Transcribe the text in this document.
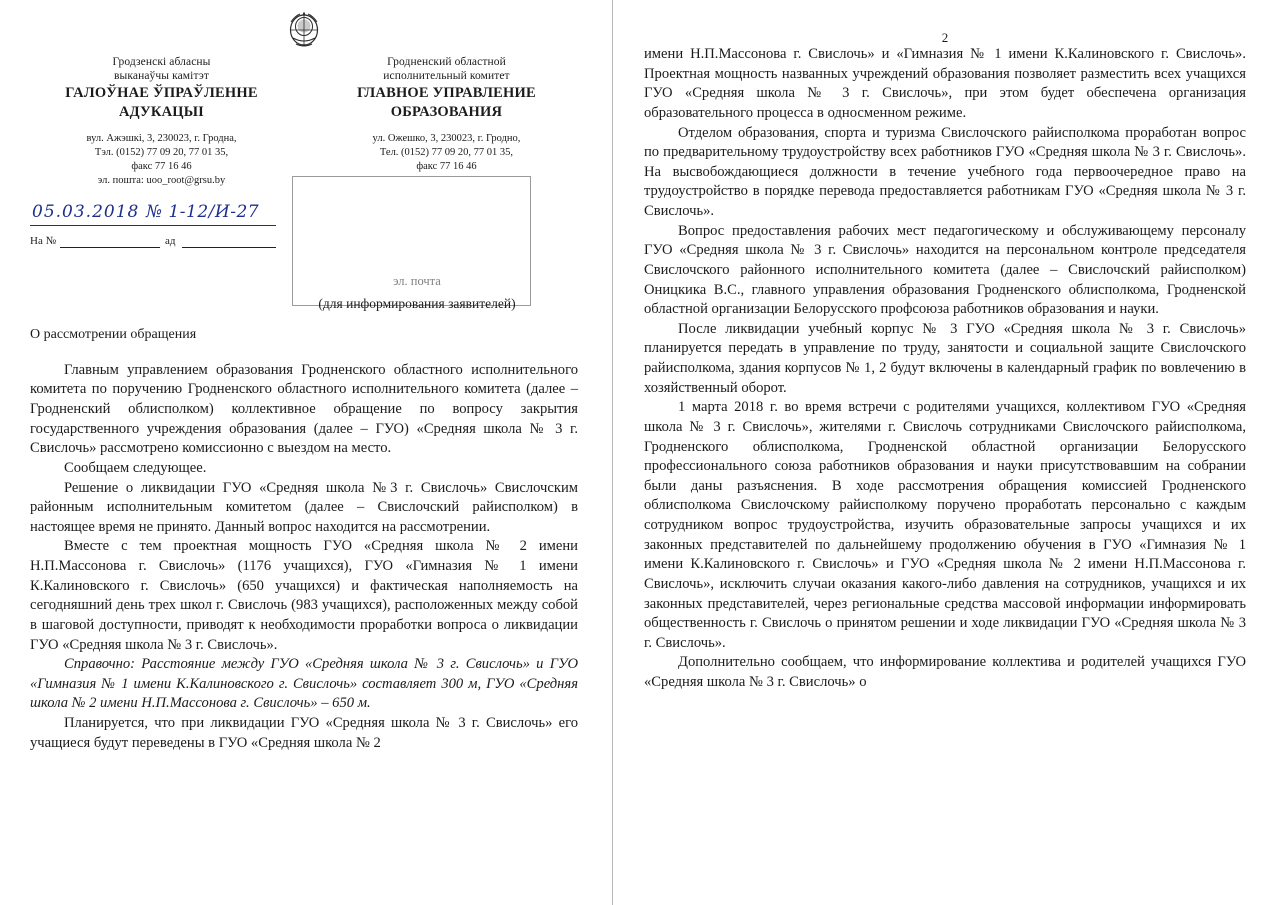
Гродзенскі абласны
выканаўчы камітэт
ГАЛОЎНАЕ ЎПРАЎЛЕННЕ
АДУКАЦЫІ
вул. Ажэшкі, 3, 230023, г. Гродна,
Тэл. (0152) 77 09 20, 77 01 35,
факс 77 16 46
эл. пошта: uoo_root@grsu.by
Гродненский областной
исполнительный комитет
ГЛАВНОЕ УПРАВЛЕНИЕ
ОБРАЗОВАНИЯ
ул. Ожешко, 3, 230023, г. Гродно,
Тел. (0152) 77 09 20, 77 01 35,
факс 77 16 46
05.03.2018 № 1-12/И-27
На №	ад
эл. почта
(для информирования заявителей)
О рассмотрении обращения

Главным управлением образования Гродненского областного исполнительного комитета по поручению Гродненского областного исполнительного комитета (далее – Гродненский облисполком) коллективное обращение по вопросу закрытия государственного учреждения образования (далее – ГУО) «Средняя школа № 3 г. Свислочь» рассмотрено комиссионно с выездом на место.

Сообщаем следующее.

Решение о ликвидации ГУО «Средняя школа №3 г. Свислочь» Свислочским районным исполнительным комитетом (далее – Свислочский райисполком) в настоящее время не принято. Данный вопрос находится на рассмотрении.

Вместе с тем проектная мощность ГУО «Средняя школа № 2 имени Н.П.Массонова г. Свислочь» (1176 учащихся), ГУО «Гимназия № 1 имени К.Калиновского г. Свислочь» (650 учащихся) и фактическая наполняемость на сегодняшний день трех школ г. Свислочь (983 учащихся), расположенных между собой в шаговой доступности, приводят к необходимости проработки вопроса о ликвидации ГУО «Средняя школа № 3 г. Свислочь».

Справочно: Расстояние между ГУО «Средняя школа № 3 г. Свислочь» и ГУО «Гимназия № 1 имени К.Калиновского г. Свислочь» составляет 300 м, ГУО «Средняя школа № 2 имени Н.П.Массонова г. Свислочь» – 650 м.

Планируется, что при ликвидации ГУО «Средняя школа № 3 г. Свислочь» его учащиеся будут переведены в ГУО «Средняя школа № 2

2

имени Н.П.Массонова г. Свислочь» и «Гимназия № 1 имени К.Калиновского г. Свислочь». Проектная мощность названных учреждений образования позволяет разместить всех учащихся ГУО «Средняя школа № 3 г. Свислочь», при этом будет обеспечена организация образовательного процесса в односменном режиме.

Отделом образования, спорта и туризма Свислочского райисполкома проработан вопрос по предварительному трудоустройству всех работников ГУО «Средняя школа № 3 г. Свислочь». На высвобождающиеся должности в течение учебного года первоочередное право на трудоустройство в порядке перевода предоставляется работникам ГУО «Средняя школа № 3 г. Свислочь».

Вопрос предоставления рабочих мест педагогическому и обслуживающему персоналу ГУО «Средняя школа № 3 г. Свислочь» находится на персональном контроле председателя Свислочского районного исполнительного комитета (далее – Свислочский райисполком) Оницкика В.С., главного управления образования Гродненского облисполкома, Гродненской областной организации Белорусского профсоюза работников образования и науки.

После ликвидации учебный корпус № 3 ГУО «Средняя школа № 3 г. Свислочь» планируется передать в управление по труду, занятости и социальной защите Свислочского райисполкома, здания корпусов № 1, 2 будут включены в календарный график по вовлечению в хозяйственный оборот.

1 марта 2018 г. во время встречи с родителями учащихся, коллективом ГУО «Средняя школа № 3 г. Свислочь», жителями г. Свислочь сотрудниками Свислочского райисполкома, Гродненского облисполкома, Гродненской областной организации Белорусского профессионального союза работников образования и науки присутствовавшим на собрании были даны разъяснения. В ходе рассмотрения обращения комиссией Гродненского облисполкома Свислочскому райисполкому поручено проработать персонально с каждым сотрудником вопрос трудоустройства, изучить образовательные запросы учащихся и их законных представителей по дальнейшему продолжению обучения в ГУО «Гимназия № 1 имени К.Калиновского г. Свислочь» и ГУО «Средняя школа № 2 имени Н.П.Массонова г. Свислочь», исключить случаи оказания какого-либо давления на сотрудников, учащихся и их законных представителей, через региональные средства массовой информации информировать общественность г. Свислочь о принятом решении и ходе ликвидации ГУО «Средняя школа № 3 г. Свислочь».

Дополнительно сообщаем, что информирование коллектива и родителей учащихся ГУО «Средняя школа № 3 г. Свислочь» о
